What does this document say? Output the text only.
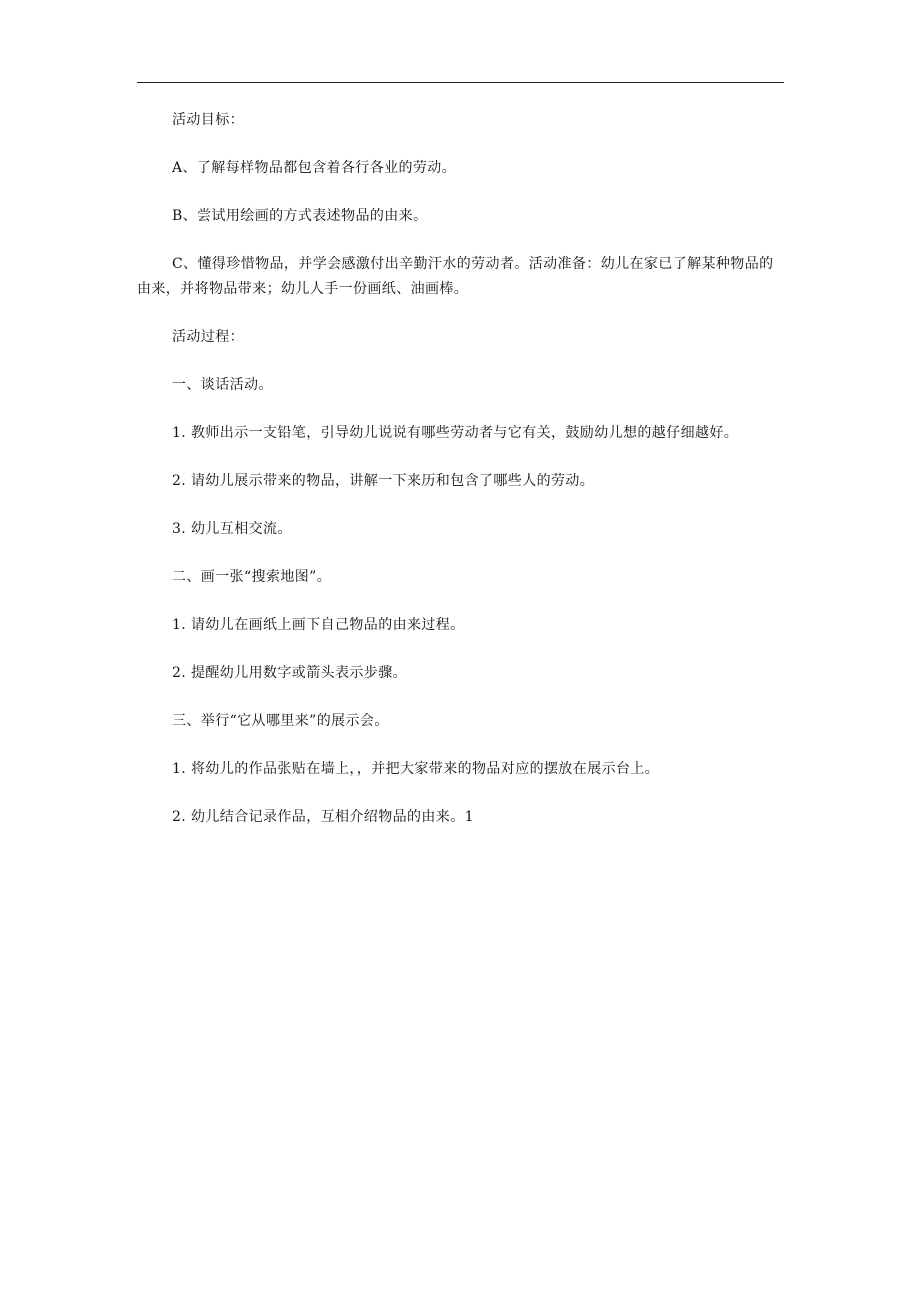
活动目标：

A、了解每样物品都包含着各行各业的劳动。

B、尝试用绘画的方式表述物品的由来。

C、懂得珍惜物品，并学会感激付出辛勤汗水的劳动者。活动准备：幼儿在家已了解某种物品的由来，并将物品带来；幼儿人手一份画纸、油画棒。

活动过程：

一、谈话活动。

1. 教师出示一支铅笔，引导幼儿说说有哪些劳动者与它有关，鼓励幼儿想的越仔细越好。

2. 请幼儿展示带来的物品，讲解一下来历和包含了哪些人的劳动。

3. 幼儿互相交流。

二、画一张“搜索地图”。

1. 请幼儿在画纸上画下自己物品的由来过程。

2. 提醒幼儿用数字或箭头表示步骤。

三、举行“它从哪里来”的展示会。

1. 将幼儿的作品张贴在墙上，，并把大家带来的物品对应的摆放在展示台上。

2. 幼儿结合记录作品，互相介绍物品的由来。1
